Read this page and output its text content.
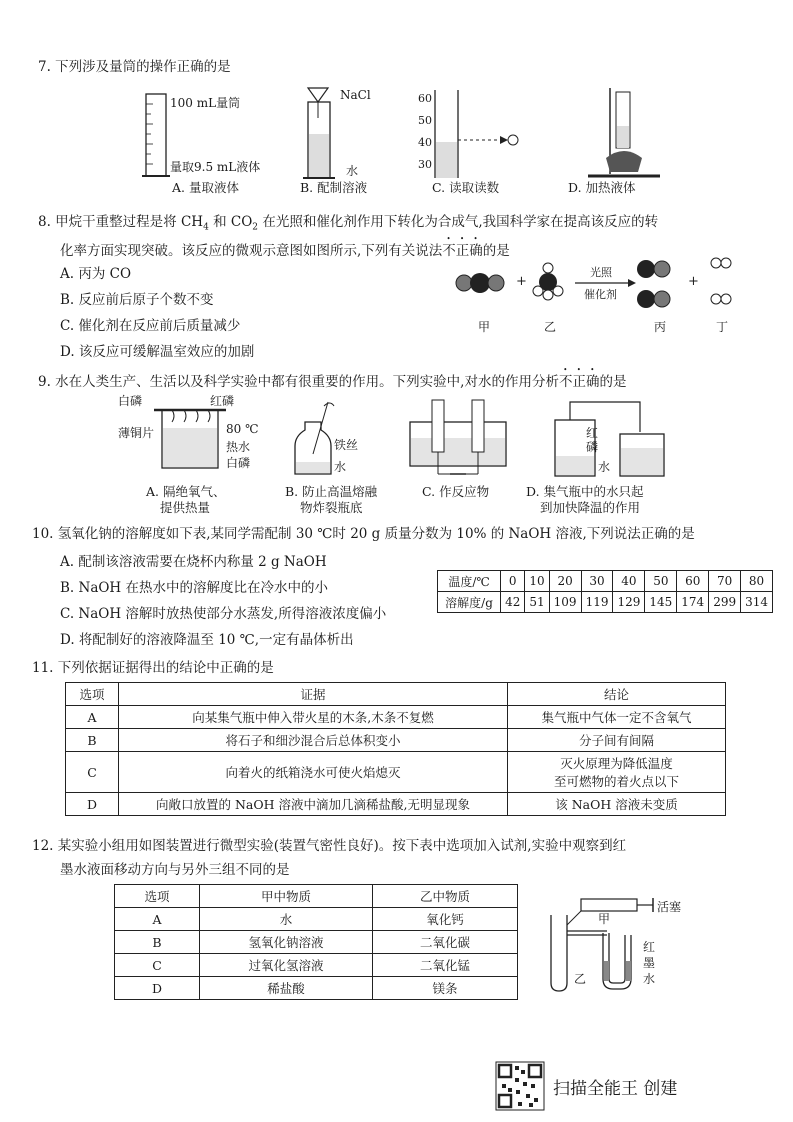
7. 下列涉及量筒的操作正确的是
100 mL量筒
量取9.5 mL液体
NaCl
水
60
50
40
30
A. 量取液体	B. 配制溶液	C. 读取读数	D. 加热液体
8. 甲烷干重整过程是将 $CH_4$ 和 $CO_2$ 在光照和催化剂作用下转化为合成气,我国科学家在提高该反应的转
化率方面实现突破。该反应的微观示意图如图所示,下列有关说法不正确的是
A. 丙为 CO
B. 反应前后原子个数不变
C. 催化剂在反应前后质量减少
D. 该反应可缓解温室效应的加剧
+	+
光照
催化剂
甲	乙	丙	丁
9. 水在人类生产、生活以及科学实验中都有很重要的作用。下列实验中,对水的作用分析不正确的是
白磷	红磷
薄铜片	80 ℃
热水
白磷
铁丝
水
红
磷
水
A. 隔绝氧气、
提供热量
B. 防止高温熔融
物炸裂瓶底
C. 作反应物	D. 集气瓶中的水只起
到加快降温的作用
10. 氢氧化钠的溶解度如下表,某同学需配制 30 ℃时 20 g 质量分数为 10% 的 NaOH 溶液,下列说法正确的是
A. 配制该溶液需要在烧杯内称量 2 g NaOH
B. NaOH 在热水中的溶解度比在冷水中的小
C. NaOH 溶解时放热使部分水蒸发,所得溶液浓度偏小
D. 将配制好的溶液降温至 10 ℃,一定有晶体析出
温度/℃	0	10	20	30	40	50	60	70	80
溶解度/g	42	51	109	119	129	145	174	299	314
11. 下列依据证据得出的结论中正确的是
选项	证据	结论
A	向某集气瓶中伸入带火星的木条,木条不复燃	集气瓶中气体一定不含氧气

B	将石子和细沙混合后总体积变小	分子间有间隔

C	向着火的纸箱浇水可使火焰熄灭	灭火原理为降低温度
至可燃物的着火点以下

D	向敞口放置的 NaOH 溶液中滴加几滴稀盐酸,无明显现象	该 NaOH 溶液未变质
12. 某实验小组用如图装置进行微型实验(装置气密性良好)。按下表中选项加入试剂,实验中观察到红
墨水液面移动方向与另外三组不同的是
选项	甲中物质	乙中物质
A	水	氧化钙
B	氢氧化钠溶液	二氧化碳
C	过氧化氢溶液	二氧化锰
D	稀盐酸	镁条
活塞
甲
乙
红
墨
水
扫描全能王 创建
